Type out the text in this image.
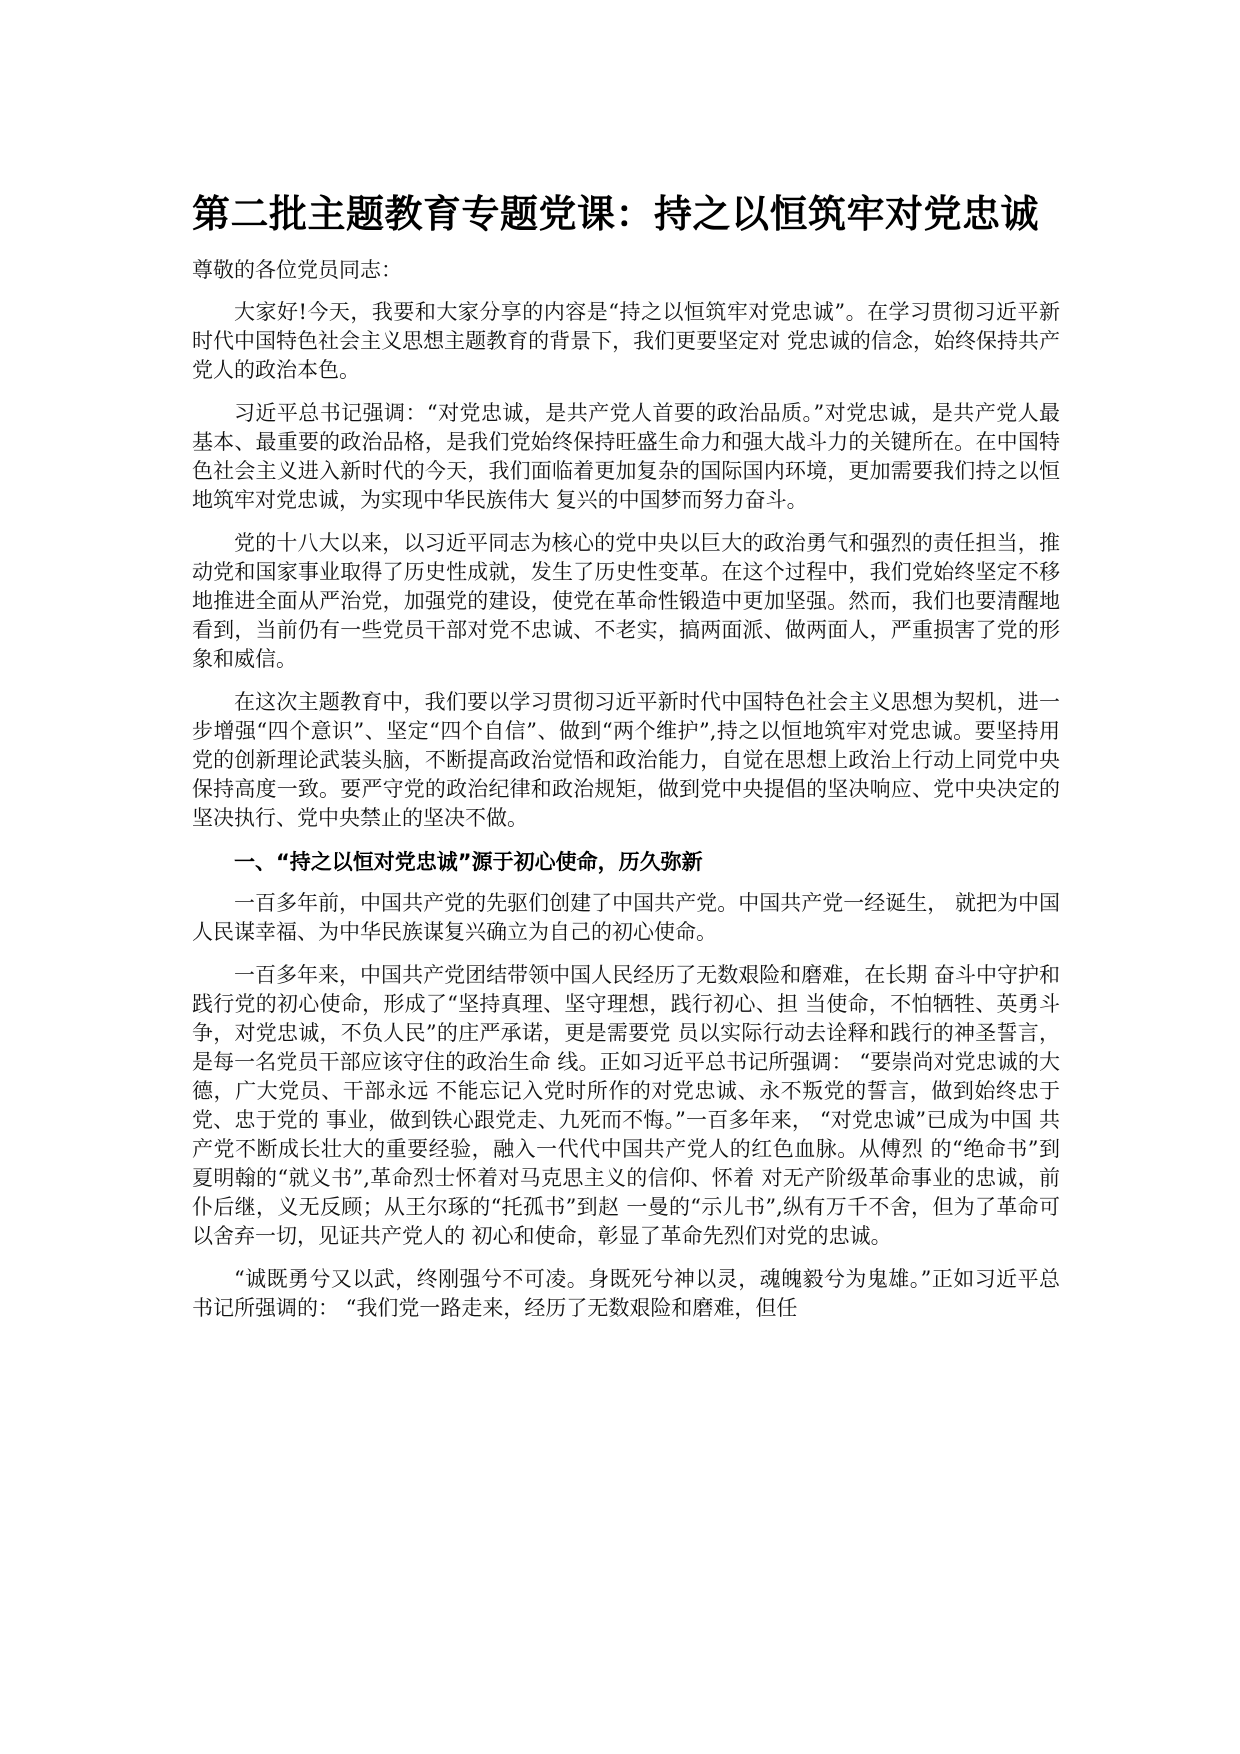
第二批主题教育专题党课：持之以恒筑牢对党忠诚

尊敬的各位党员同志：

大家好!今天，我要和大家分享的内容是“持之以恒筑牢对党忠诚”。在学习贯彻习近平新时代中国特色社会主义思想主题教育的背景下，我们更要坚定对 党忠诚的信念，始终保持共产党人的政治本色。

习近平总书记强调：“对党忠诚，是共产党人首要的政治品质。”对党忠诚，是共产党人最基本、最重要的政治品格，是我们党始终保持旺盛生命力和强大战斗力的关键所在。在中国特色社会主义进入新时代的今天，我们面临着更加复杂的国际国内环境，更加需要我们持之以恒地筑牢对党忠诚，为实现中华民族伟大 复兴的中国梦而努力奋斗。

党的十八大以来，以习近平同志为核心的党中央以巨大的政治勇气和强烈的责任担当，推动党和国家事业取得了历史性成就，发生了历史性变革。在这个过程中，我们党始终坚定不移地推进全面从严治党，加强党的建设，使党在革命性锻造中更加坚强。然而，我们也要清醒地看到，当前仍有一些党员干部对党不忠诚、不老实，搞两面派、做两面人，严重损害了党的形象和威信。

在这次主题教育中，我们要以学习贯彻习近平新时代中国特色社会主义思想为契机，进一步增强“四个意识”、坚定“四个自信”、做到“两个维护”,持之以恒地筑牢对党忠诚。要坚持用党的创新理论武装头脑，不断提高政治觉悟和政治能力，自觉在思想上政治上行动上同党中央保持高度一致。要严守党的政治纪律和政治规矩，做到党中央提倡的坚决响应、党中央决定的坚决执行、党中央禁止的坚决不做。

一、“持之以恒对党忠诚”源于初心使命，历久弥新

一百多年前，中国共产党的先驱们创建了中国共产党。中国共产党一经诞生， 就把为中国人民谋幸福、为中华民族谋复兴确立为自己的初心使命。

一百多年来，中国共产党团结带领中国人民经历了无数艰险和磨难，在长期 奋斗中守护和践行党的初心使命，形成了“坚持真理、坚守理想，践行初心、担 当使命，不怕牺牲、英勇斗争，对党忠诚，不负人民”的庄严承诺，更是需要党 员以实际行动去诠释和践行的神圣誓言，是每一名党员干部应该守住的政治生命 线。正如习近平总书记所强调： “要崇尚对党忠诚的大德，广大党员、干部永远 不能忘记入党时所作的对党忠诚、永不叛党的誓言，做到始终忠于党、忠于党的 事业，做到铁心跟党走、九死而不悔。”一百多年来， “对党忠诚”已成为中国 共产党不断成长壮大的重要经验，融入一代代中国共产党人的红色血脉。从傅烈 的“绝命书”到夏明翰的“就义书”,革命烈士怀着对马克思主义的信仰、怀着 对无产阶级革命事业的忠诚，前仆后继，义无反顾；从王尔琢的“托孤书”到赵 一曼的“示儿书”,纵有万千不舍，但为了革命可以舍弃一切，见证共产党人的 初心和使命，彰显了革命先烈们对党的忠诚。

“诚既勇兮又以武，终刚强兮不可凌。身既死兮神以灵，魂魄毅兮为鬼雄。”正如习近平总书记所强调的： “我们党一路走来，经历了无数艰险和磨难，但任
